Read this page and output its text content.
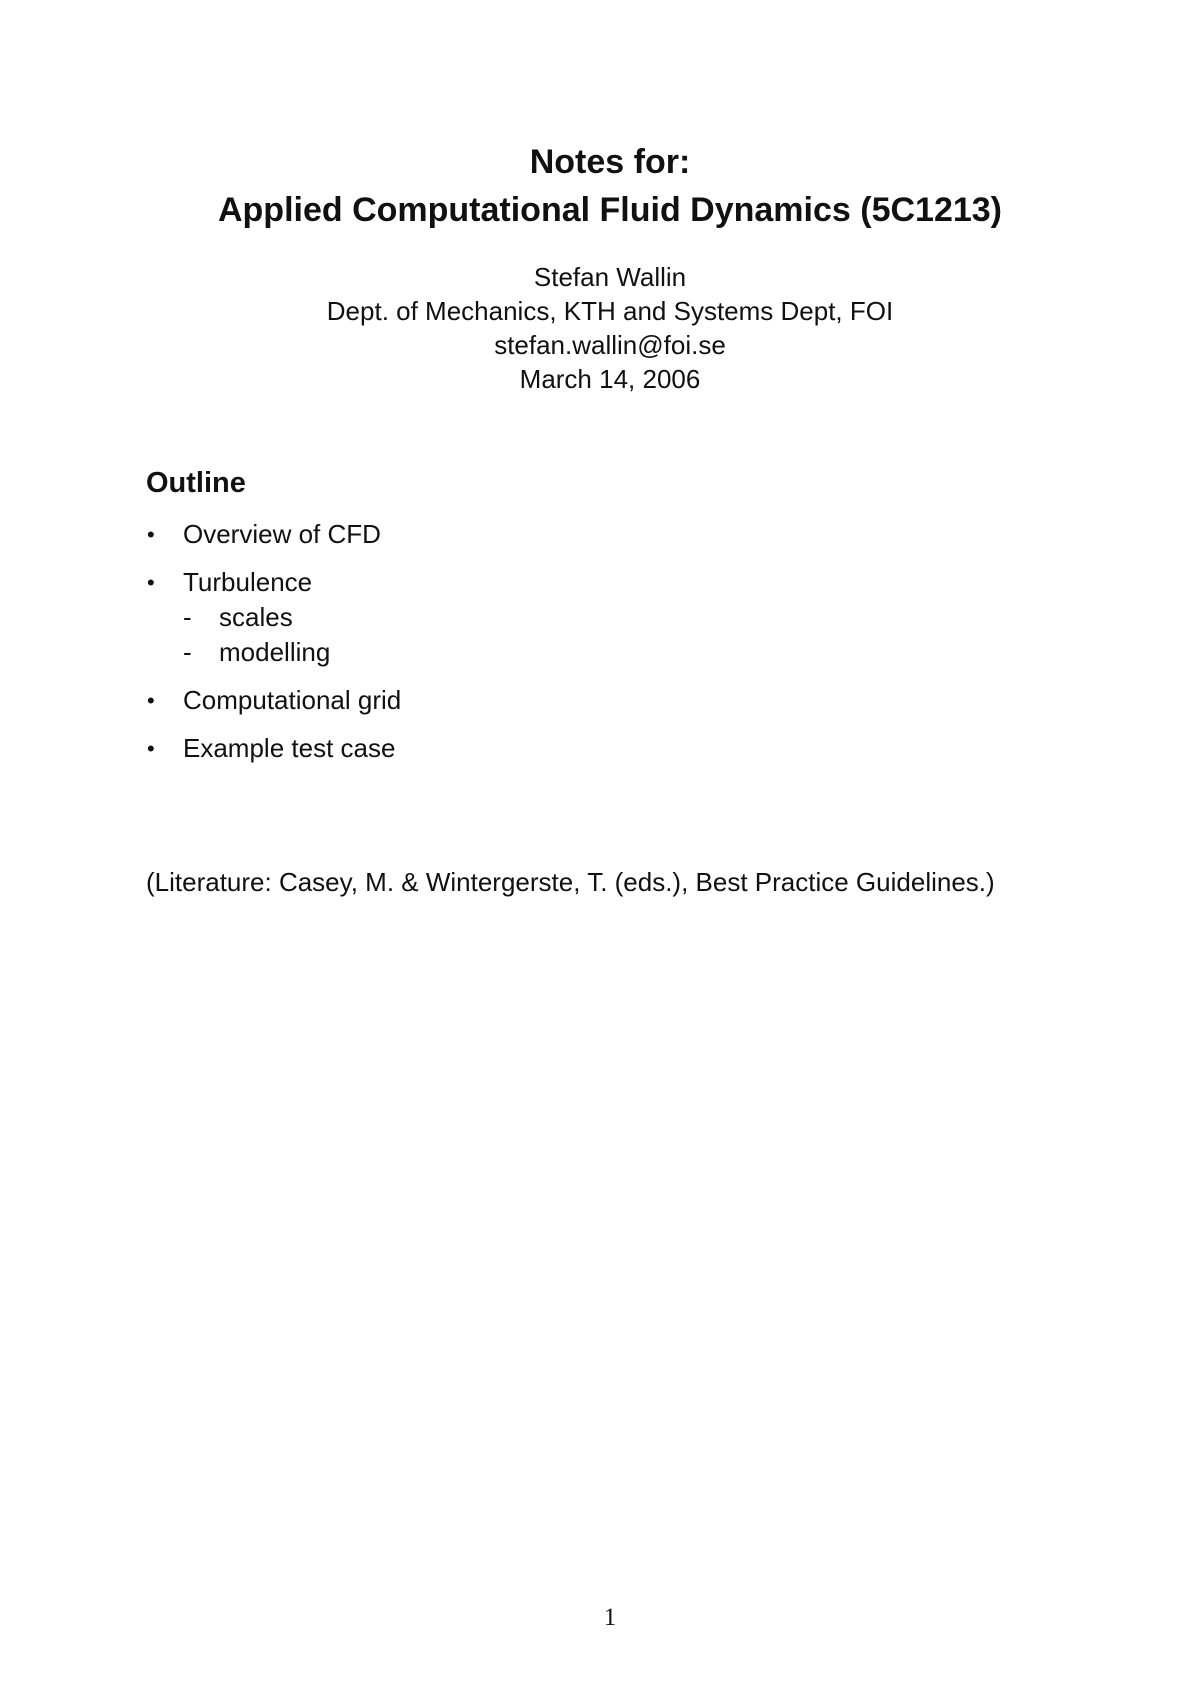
Notes for:
Applied Computational Fluid Dynamics (5C1213)
Stefan Wallin
Dept. of Mechanics, KTH and Systems Dept, FOI
stefan.wallin@foi.se
March 14, 2006
Outline
•	Overview of CFD
•	Turbulence
- scales
- modelling
•	Computational grid
•	Example test case
(Literature: Casey, M. & Wintergerste, T. (eds.), Best Practice Guidelines.)
1
